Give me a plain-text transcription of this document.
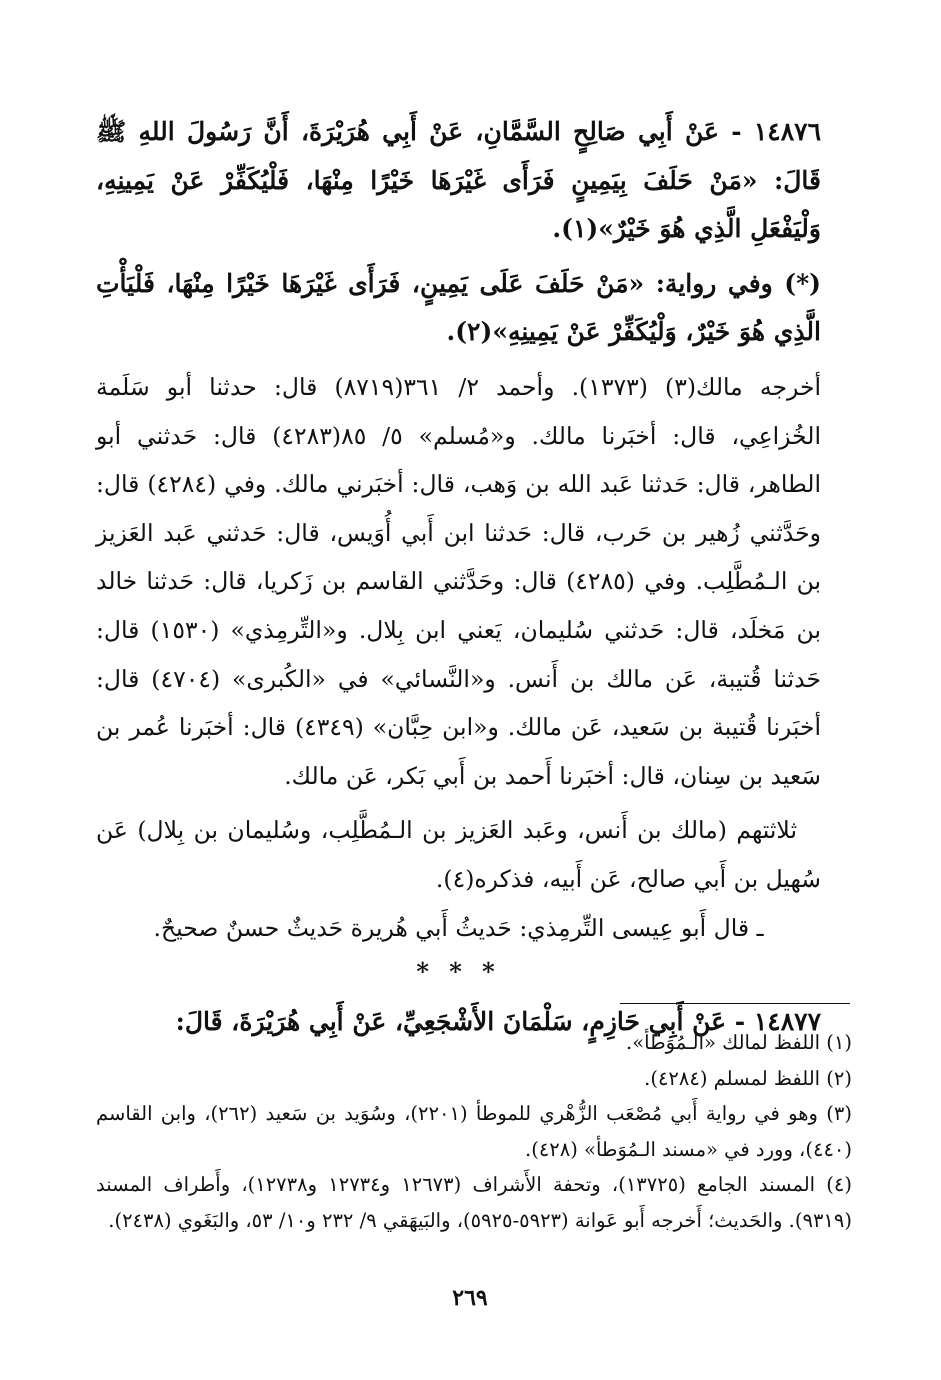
١٤٨٧٦ - عَنْ أَبِي صَالِحٍ السَّمَّانِ، عَنْ أَبِي هُرَيْرَةَ، أَنَّ رَسُولَ اللهِ ﷺ قَالَ: «مَنْ حَلَفَ بِيَمِينٍ فَرَأَى غَيْرَهَا خَيْرًا مِنْهَا، فَلْيُكَفِّرْ عَنْ يَمِينِهِ، وَلْيَفْعَلِ الَّذِي هُوَ خَيْرٌ»(١).

(*) وفي رواية: «مَنْ حَلَفَ عَلَى يَمِينٍ، فَرَأَى غَيْرَهَا خَيْرًا مِنْهَا، فَلْيَأْتِ الَّذِي هُوَ خَيْرٌ، وَلْيُكَفِّرْ عَنْ يَمِينِهِ»(٢).

أخرجه مالك(٣) (١٣٧٣). وأحمد ٢/ ٣٦١(٨٧١٩) قال: حدثنا أبو سَلَمة الخُزاعِي، قال: أخبَرنا مالك. و«مُسلم» ٥/ ٨٥(٤٢٨٣) قال: حَدثني أبو الطاهر، قال: حَدثنا عَبد الله بن وَهب، قال: أخبَرني مالك. وفي (٤٢٨٤) قال: وحَدَّثني زُهير بن حَرب، قال: حَدثنا ابن أَبي أُوَيس، قال: حَدثني عَبد العَزيز بن الـمُطَّلِب. وفي (٤٢٨٥) قال: وحَدَّثني القاسم بن زَكريا، قال: حَدثنا خالد بن مَخلَد، قال: حَدثني سُليمان، يَعني ابن بِلال. و«التِّرمِذي» (١٥٣٠) قال: حَدثنا قُتيبة، عَن مالك بن أَنس. و«النَّسائي» في «الكُبرى» (٤٧٠٤) قال: أخبَرنا قُتيبة بن سَعيد، عَن مالك. و«ابن حِبَّان» (٤٣٤٩) قال: أخبَرنا عُمر بن سَعيد بن سِنان، قال: أخبَرنا أَحمد بن أَبي بَكر، عَن مالك.

ثلاثتهم (مالك بن أَنس، وعَبد العَزيز بن الـمُطَّلِب، وسُليمان بن بِلال) عَن سُهيل بن أَبي صالح، عَن أَبيه، فذكره(٤).

ـ قال أَبو عِيسى التِّرمِذي: حَديثُ أَبي هُريرة حَديثٌ حسنٌ صحيحٌ.

* * *

١٤٨٧٧ - عَنْ أَبِي حَازِمٍ، سَلْمَانَ الأَشْجَعِيِّ، عَنْ أَبِي هُرَيْرَةَ، قَالَ:

(١) اللفظ لمالك «الـمُوَطأ».

(٢) اللفظ لمسلم (٤٢٨٤).

(٣) وهو في رواية أَبي مُصْعَب الزُّهْري للموطأ (٢٢٠١)، وسُوَيد بن سَعيد (٢٦٢)، وابن القاسم (٤٤٠)، وورد في «مسند الـمُوَطأ» (٤٢٨).

(٤) المسند الجامع (١٣٧٢٥)، وتحفة الأَشراف (١٢٦٧٣ و١٢٧٣٤ و١٢٧٣٨)، وأَطراف المسند (٩٣١٩). والحَديث؛ أَخرجه أَبو عَوانة (٥٩٢٣-٥٩٢٥)، والبَيهَقي ٩/ ٢٣٢ و١٠/ ٥٣، والبَغَوي (٢٤٣٨).

٢٦٩
